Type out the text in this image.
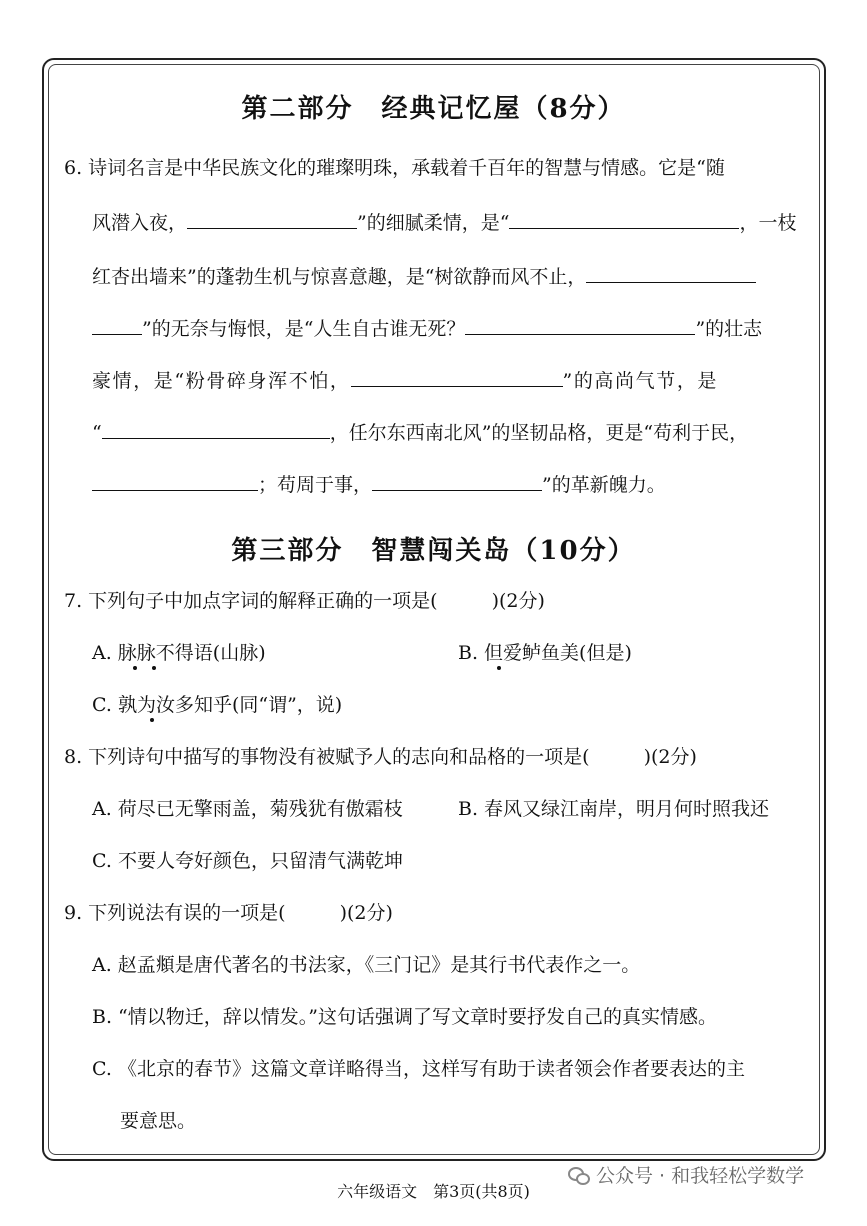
第二部分　经典记忆屋（8分）
6. 诗词名言是中华民族文化的璀璨明珠，承载着千百年的智慧与情感。它是“随
风潜入夜，	”的细腻柔情，是“	，一枝
红杏出墙来”的蓬勃生机与惊喜意趣，是“树欲静而风不止，
”的无奈与悔恨，是“人生自古谁无死？	”的壮志
豪情，是“粉骨碎身浑不怕，	”的高尚气节，是
“	，任尔东西南北风”的坚韧品格，更是“苟利于民，
；苟周于事，	”的革新魄力。
第三部分　智慧闯关岛（10分）
7. 下列句子中加点字词的解释正确的一项是(	)(2分)
A. 脉脉不得语(山脉)	B. 但爱鲈鱼美(但是)
C. 孰为汝多知乎(同“谓”，说)
8. 下列诗句中描写的事物没有被赋予人的志向和品格的一项是(	)(2分)
A. 荷尽已无擎雨盖，菊残犹有傲霜枝	B. 春风又绿江南岸，明月何时照我还
C. 不要人夸好颜色，只留清气满乾坤
9. 下列说法有误的一项是(	)(2分)
A. 赵孟頫是唐代著名的书法家，《三门记》是其行书代表作之一。
B. “情以物迁，辞以情发。”这句话强调了写文章时要抒发自己的真实情感。
C. 《北京的春节》这篇文章详略得当，这样写有助于读者领会作者要表达的主
要意思。
六年级语文　第3页(共8页)
公众号 · 和我轻松学数学
